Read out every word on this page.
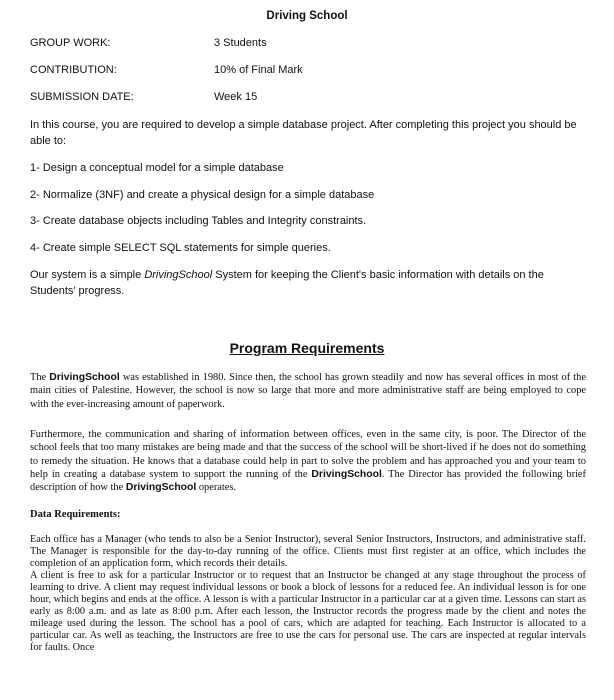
Driving School
GROUP WORK:	3 Students
CONTRIBUTION:	10% of Final Mark
SUBMISSION DATE:	Week 15
In this course, you are required to develop a simple database project. After completing this project you should be able to:
1- Design a conceptual model for a simple database
2- Normalize (3NF) and create a physical design for a simple database
3- Create database objects including Tables and Integrity constraints.
4- Create simple SELECT SQL statements for simple queries.
Our system is a simple DrivingSchool System for keeping the Client's basic information with details on the Students’ progress.
Program Requirements
The DrivingSchool was established in 1980. Since then, the school has grown steadily and now has several offices in most of the main cities of Palestine. However, the school is now so large that more and more administrative staff are being employed to cope with the ever-increasing amount of paperwork.
Furthermore, the communication and sharing of information between offices, even in the same city, is poor. The Director of the school feels that too many mistakes are being made and that the success of the school will be short-lived if he does not do something to remedy the situation. He knows that a database could help in part to solve the problem and has approached you and your team to help in creating a database system to support the running of the DrivingSchool. The Director has provided the following brief description of how the DrivingSchool operates.
Data Requirements:
Each office has a Manager (who tends to also be a Senior Instructor), several Senior Instructors, Instructors, and administrative staff. The Manager is responsible for the day-to-day running of the office. Clients must first register at an office, which includes the completion of an application form, which records their details.
A client is free to ask for a particular Instructor or to request that an Instructor be changed at any stage throughout the process of learning to drive. A client may request individual lessons or book a block of lessons for a reduced fee. An individual lesson is for one hour, which begins and ends at the office. A lesson is with a particular Instructor in a particular car at a given time. Lessons can start as early as 8:00 a.m. and as late as 8:00 p.m. After each lesson, the Instructor records the progress made by the client and notes the mileage used during the lesson. The school has a pool of cars, which are adapted for teaching. Each Instructor is allocated to a particular car. As well as teaching, the Instructors are free to use the cars for personal use. The cars are inspected at regular intervals for faults. Once
